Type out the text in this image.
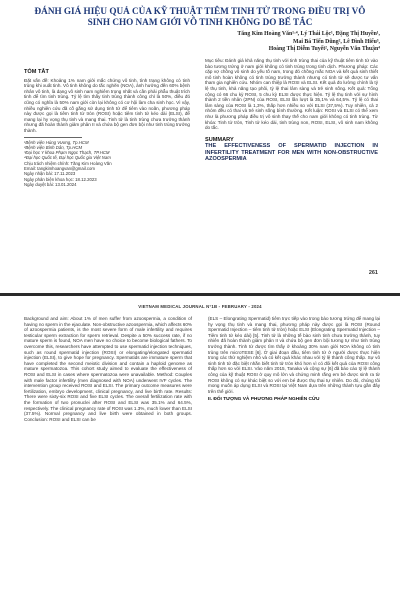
ĐÁNH GIÁ HIỆU QUẢ CỦA KỸ THUẬT TIÊM TINH TỬ TRONG ĐIỀU TRỊ VÔ SINH CHO NAM GIỚI VÔ TINH KHÔNG DO BẾ TẮC
Tăng Kim Hoàng Văn¹·⁴, Lý Thái Lộc¹, Đặng Thị Huyền¹,
Mai Bá Tiến Dũng², Lê Đình Hiếu³,
Hoàng Thị Diễm Tuyết², Nguyễn Văn Thuận⁴
TÓM TẮT
Đặt vấn đề: Khoảng 1% nam giới mắc chứng vô tinh, tình trạng không có tinh trùng khi xuất tinh. Vô tinh không do tắc nghẽn (NOA), ảnh hưởng đến 60% bệnh nhân vô tinh, là dạng vô sinh nam nghiêm trọng nhất và cần phải phẫu thuật trích tinh để tìm tinh trùng. Tỷ lệ tìm thấy tinh trùng thành công chỉ là 50%, điều đó cũng có nghĩa là 50% nam giới còn lại không có cơ hội làm cha sinh học. Vì vậy, nhiều nghiên cứu đã cố gắng sử dụng tinh tử để tiêm vào noãn, phương pháp này được gọi là tiêm tinh tử tròn (ROSI) hoặc tiêm tinh tử kéo dài (ELSI), để mang lại hy vọng thụ tinh và mang thai. Tinh tử là tinh trùng chưa trưởng thành nhưng đã hoàn thành giảm phân II và chứa bộ gen đơn bội như tinh trùng trưởng thành.
¹Bệnh viện Hùng Vương, Tp.HCM
²Bệnh viện Bình Dân, Tp.HCM
³Đại học Y khoa Phạm Ngọc Thạch, TP.HCM
⁴Đại học Quốc tế, Đại học Quốc gia Việt Nam
Chịu trách nhiệm chính: Tăng Kim Hoàng Văn
Email: tangkimhoangvan@gmail.com
Ngày nhận bài: 17.11.2023
Ngày phản biện khoa học: 18.12.2023
Ngày duyệt bài: 13.01.2024
Mục tiêu: Đánh giá khả năng thụ tinh với tinh trùng thai của kỹ thuật tiêm tinh tử vào bào tương trứng ở nam giới không có tinh trùng trong tinh dịch. Phương pháp: Các cặp vợ chồng vô sinh do yếu tố nam, trong đó chồng mắc NOA và kết quả sinh thiết mô tinh hoàn không có tinh trùng trưởng thành nhưng có tinh tử sẽ được tư vấn tham gia nghiên cứu. Nhóm can thiệp là ROSI và ELSI. Kết quả đo lường chính là tỷ lệ thụ tinh, khả năng tạo phôi, tỷ lệ thai lâm sàng và trẻ sinh sống. Kết quả: Tổng cộng có 66 chu kỳ ROSI, 5 chu kỳ ELSI được thực hiện. Tỷ lệ thụ tinh với sự hình thành 2 tiền nhân (2PN) của ROSI, ELSI lần lượt là 35,1% và 64,5%. Tỷ lệ có thai lâm sàng của ROSI là 1,3%, thấp hơn nhiều so với ELSI (37,5%). Tuy nhiên, cả 2 nhóm đều có thai và trẻ sinh sống bình thường. Kết luận: ROSI và ELSI có thể xem như là phương pháp điều trị vô sinh thay thế cho nam giới không có tinh trùng. Từ khóa: Tinh tử tròn, Tinh tử kéo dài, tinh trùng non, ROSI, ELSI, vô sinh nam không do tắc.
SUMMARY
THE EFFECTIVENESS OF SPERMATID INJECTION IN INFERTILITY TREATMENT FOR MEN WITH NON-OBSTRUCTIVE AZOOSPERMIA
261
VIETNAM MEDICAL JOURNAL N°1B - FEBRUARY - 2024
Background and aim: About 1% of men suffer from azoospermia, a condition of having no sperm in the ejaculate. Non-obstructive azoospermia, which affects 60% of azoospermia patients, is the most severe form of male infertility and requires testicular sperm extraction for sperm retrieval. Despite a 50% success rate, if no mature sperm is found, NOA men have no choice to become biological fathers. To overcome this, researchers have attempted to use spermatid injection techniques, such as round spermatid injection (ROSI) or elongating/elongated spermatid injection (ELSI), to give hope for pregnancy. Spermatids are immature sperm that have completed the second meiotic division and contain a haploid genome as mature spermatozoa. This cohort study aimed to evaluate the effectiveness of ROSI and ELSI in cases where spermatozoa were unavailable. Method: Couples with male factor infertility (men diagnosed with NOA) underwent IVF cycles. The intervention group received ROSI and ELSI. The primary outcome measures were fertilization, embryo development, clinical pregnancy, and live birth rate. Results: There were sixty-six ROSI and five ELSI cycles. The overall fertilization rate with the formation of two pronuclei after ROSI and ELSI was 35.1% and 64.5%, respectively. The clinical pregnancy rate of ROSI was 1.3%, much lower than ELSI (37.5%). Normal pregnancy and live birth were obtained in both groups. Conclusion: ROSI and ELSI can be
(ELS – Elongrating Spermatid) tiêm trực tiếp vào trong bào tương trứng để mang lại hy vọng thụ tinh và mang thai, phương pháp này được gọi là ROSI (Round Spermatid Injection – tiêm tinh tử tròn) hoặc ELSI (Elongrating Spermatid Injection – Tiêm tinh tử kéo dài) [5]. Tinh tử là những tế bào sinh tinh chưa trưởng thành, tuy nhiên đã hoàn thành giảm phân II và chứa bộ gen đơn bội tương tự như tinh trùng trưởng thành. Tinh tử được tìm thấy ở khoảng 30% nam giới NOA không có tinh trùng trên microTESE [6]. Ở giai đoạn đầu, tiêm tinh tử ở người được thực hiện trong các thử nghiệm nhỏ và có kết quả khác nhau với tỷ lệ thành công thấp. Sự vô sinh tinh tử đặc biệt nhằn biết tinh tử tròn khó hơn vì có đôi kết quả của ROSI công thấp hơn so với ELSI. Vào năm 2015, Tanaka và cộng sự [6] đã báo cáo tỷ lệ thành công của kỹ thuật ROSI ở quy mô lớn và chứng minh rằng em bé được sinh ra từ ROSI không có sự khác biệt so với em bé được thụ thai tự nhiên. Do đó, chúng tôi mong muốn áp dụng ELSI và ROSI tại Việt Nam dựa trên những thành tựu gần đây trên thế giới.
II. ĐỐI TƯỢNG VÀ PHƯƠNG PHÁP NGHIÊN CỨU
